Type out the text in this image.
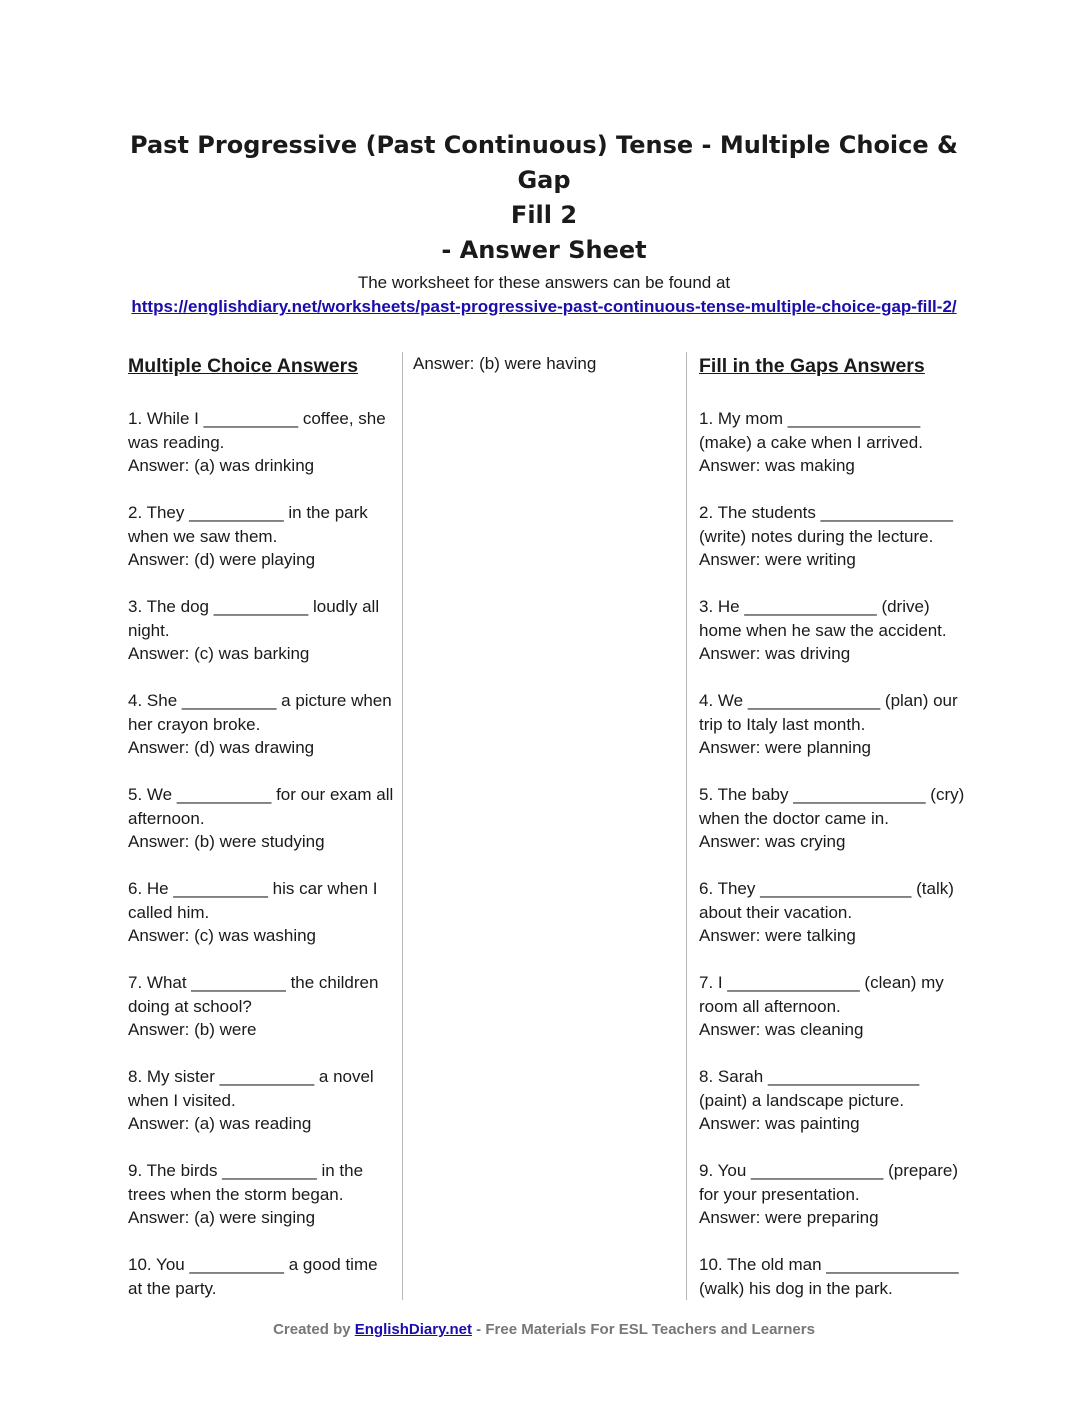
Past Progressive (Past Continuous) Tense - Multiple Choice & Gap
Fill 2
- Answer Sheet
The worksheet for these answers can be found at
https://englishdiary.net/worksheets/past-progressive-past-continuous-tense-multiple-choice-gap-fill-2/
Multiple Choice Answers

1. While I __________ coffee, she was reading.

Answer: (a) was drinking

2. They __________ in the park when we saw them.

Answer: (d) were playing

3. The dog __________ loudly all night.

Answer: (c) was barking

4. She __________ a picture when her crayon broke.

Answer: (d) was drawing

5. We __________ for our exam all afternoon.

Answer: (b) were studying

6. He __________ his car when I called him.

Answer: (c) was washing

7. What __________ the children doing at school?

Answer: (b) were

8. My sister __________ a novel when I visited.

Answer: (a) was reading

9. The birds __________ in the trees when the storm began.

Answer: (a) were singing

10. You __________ a good time at the party.

Answer: (b) were having	Fill in the Gaps Answers

1. My mom ______________ (make) a cake when I arrived.

Answer: was making

2. The students ______________ (write) notes during the lecture.

Answer: were writing

3. He ______________ (drive) home when he saw the accident.

Answer: was driving

4. We ______________ (plan) our trip to Italy last month.

Answer: were planning

5. The baby ______________ (cry) when the doctor came in.

Answer: was crying

6. They ________________ (talk) about their vacation.

Answer: were talking

7. I ______________ (clean) my room all afternoon.

Answer: was cleaning

8. Sarah ________________ (paint) a landscape picture.

Answer: was painting

9. You ______________ (prepare) for your presentation.

Answer: were preparing

10. The old man ______________ (walk) his dog in the park.

Created by EnglishDiary.net - Free Materials For ESL Teachers and Learners
